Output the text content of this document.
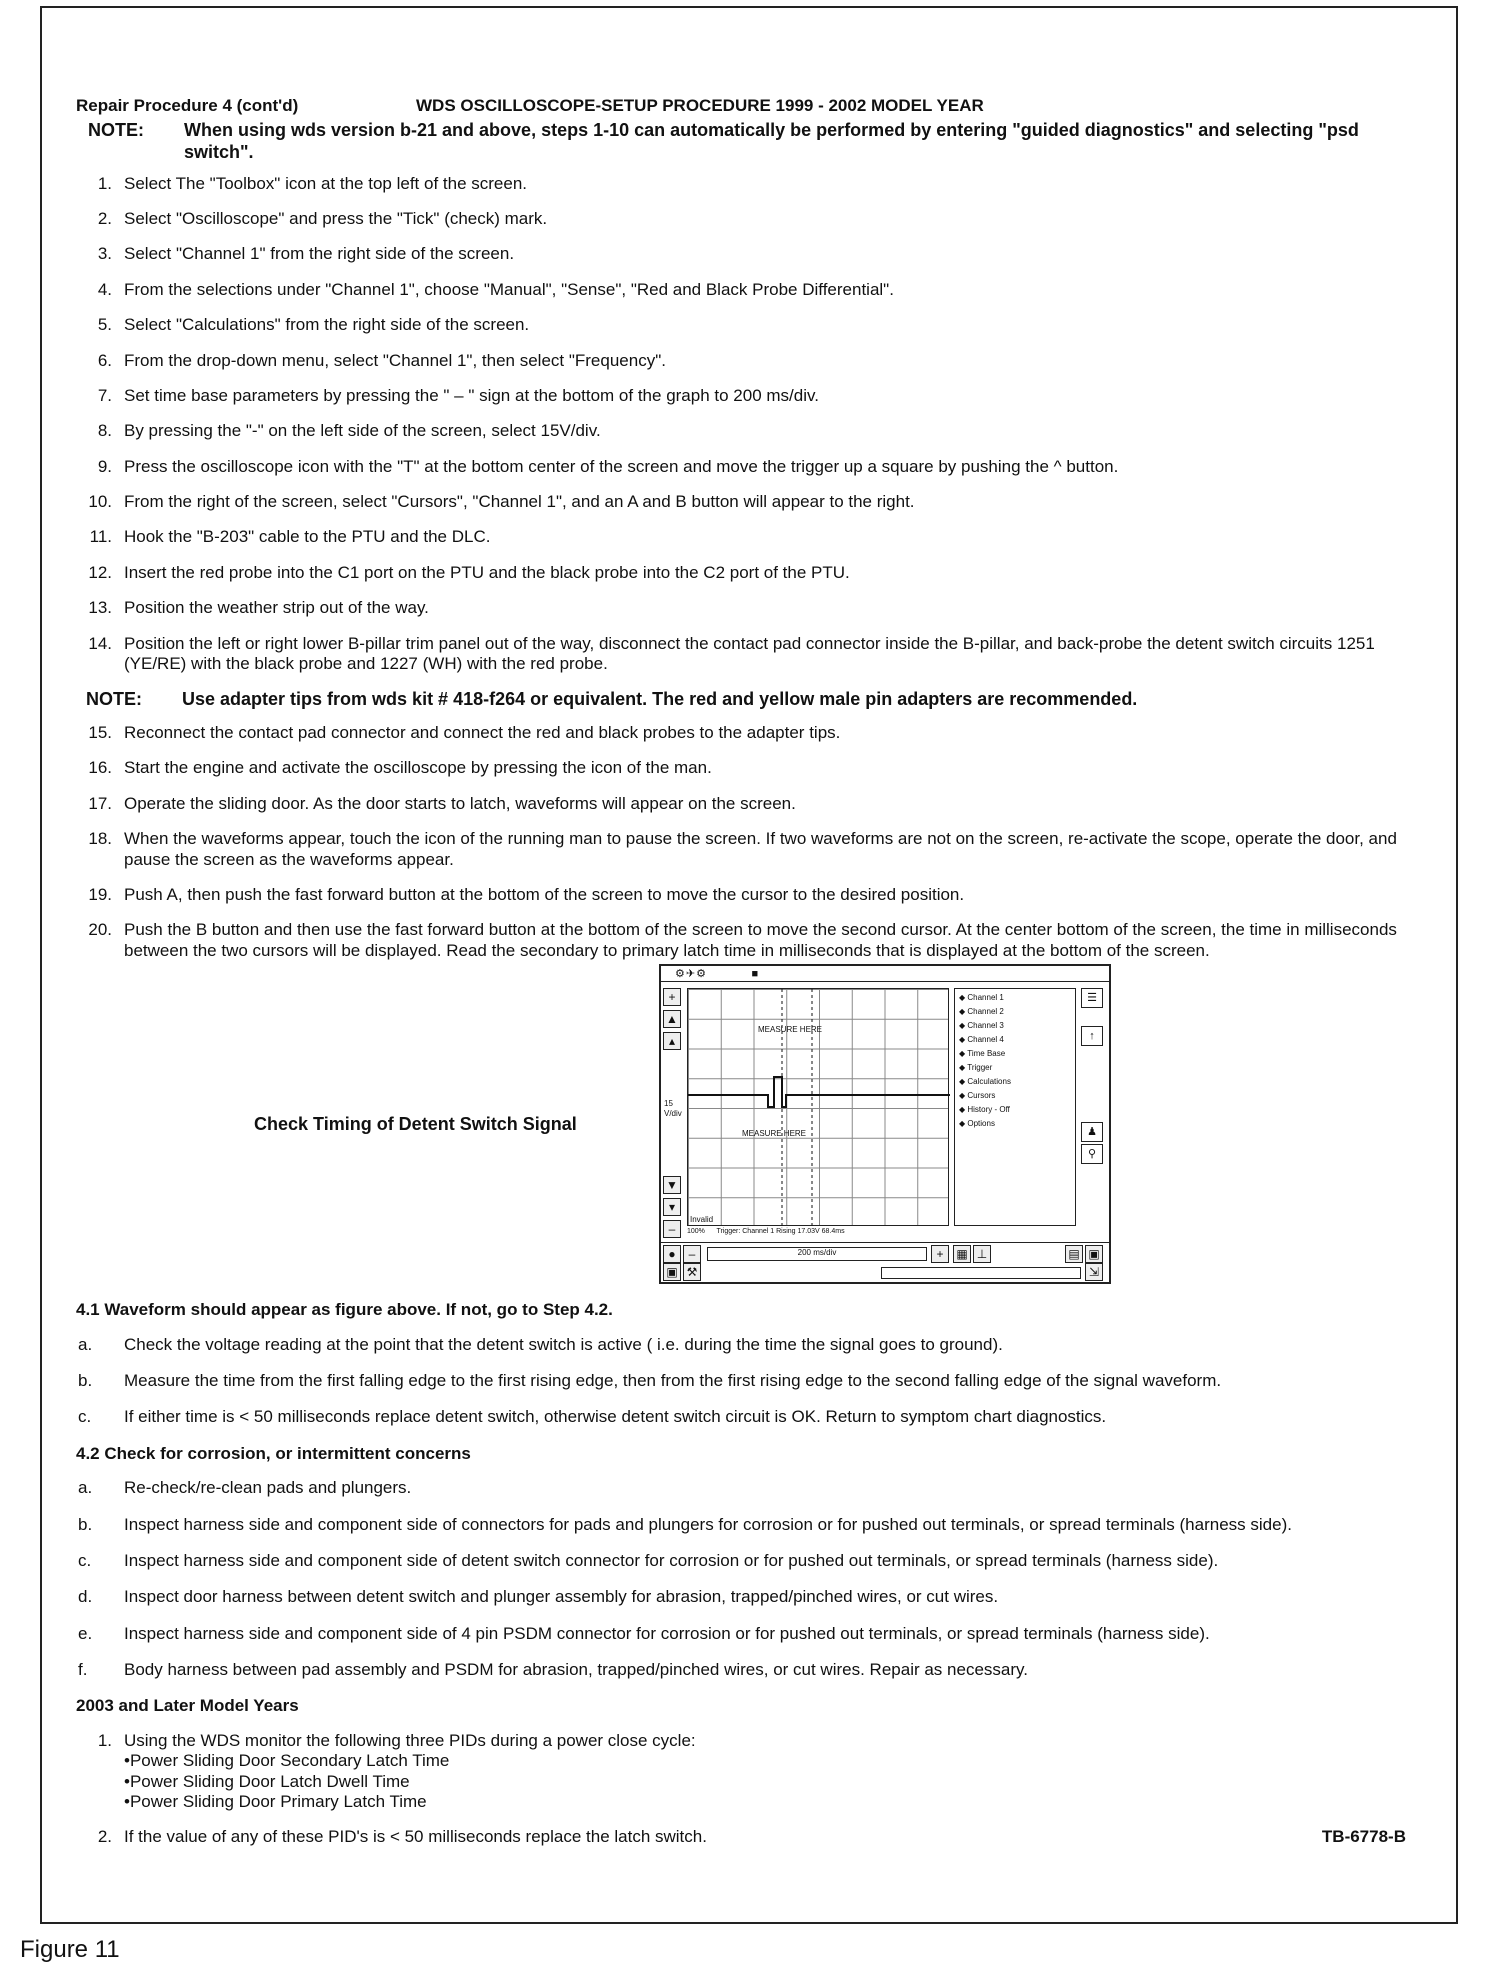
Repair Procedure 4 (cont'd)	WDS OSCILLOSCOPE-SETUP PROCEDURE 1999 - 2002 MODEL YEAR
NOTE:	When using wds version b-21 and above, steps 1-10 can automatically be performed by entering "guided diagnostics" and selecting "psd switch".
1. Select The "Toolbox" icon at the top left of the screen.
2. Select "Oscilloscope" and press the "Tick" (check) mark.
3. Select "Channel 1" from the right side of the screen.
4. From the selections under "Channel 1", choose "Manual", "Sense", "Red and Black Probe Differential".
5. Select "Calculations" from the right side of the screen.
6. From the drop-down menu, select "Channel 1", then select "Frequency".
7. Set time base parameters by pressing the " – " sign at the bottom of the graph to 200 ms/div.
8. By pressing the "-" on the left side of the screen, select 15V/div.
9. Press the oscilloscope icon with the "T" at the bottom center of the screen and move the trigger up a square by pushing the ^ button.
10. From the right of the screen, select "Cursors", "Channel 1", and an A and B button will appear to the right.
11. Hook the "B-203" cable to the PTU and the DLC.
12. Insert the red probe into the C1 port on the PTU and the black probe into the C2 port of the PTU.
13. Position the weather strip out of the way.
14. Position the left or right lower B-pillar trim panel out of the way, disconnect the contact pad connector inside the B-pillar, and back-probe the detent switch circuits 1251 (YE/RE) with the black probe and 1227 (WH) with the red probe.
NOTE:	Use adapter tips from wds kit # 418-f264 or equivalent. The red and yellow male pin adapters are recommended.
15. Reconnect the contact pad connector and connect the red and black probes to the adapter tips.
16. Start the engine and activate the oscilloscope by pressing the icon of the man.
17. Operate the sliding door. As the door starts to latch, waveforms will appear on the screen.
18. When the waveforms appear, touch the icon of the running man to pause the screen. If two waveforms are not on the screen, re-activate the scope, operate the door, and pause the screen as the waveforms appear.
19. Push A, then push the fast forward button at the bottom of the screen to move the cursor to the desired position.
20. Push the B button and then use the fast forward button at the bottom of the screen to move the second cursor. At the center bottom of the screen, the time in milliseconds between the two cursors will be displayed. Read the secondary to primary latch time in milliseconds that is displayed at the bottom of the screen.
Check Timing of Detent Switch Signal
⚙✈⚙           ■
+
▲
▴
▼
▾
–
MEASURE HERE
MEASURE HERE
15 V/div
Invalid
◆ Channel 1
◆ Channel 2
◆ Channel 3
◆ Channel 4
◆ Time Base
◆ Trigger
◆ Calculations
◆ Cursors
◆ History - Off
◆ Options
☰
↑
♟
⚲
100% Trigger: Channel 1 Rising 17.03V 68.4ms
●	–	200 ms/div	+	▦ ⊥	▤ ▣
▣ ⚒	⇲
4.1 Waveform should appear as figure above. If not, go to Step 4.2.
a.	Check the voltage reading at the point that the detent switch is active ( i.e. during the time the signal goes to ground).
b.	Measure the time from the first falling edge to the first rising edge, then from the first rising edge to the second falling edge of the signal waveform.
c.	If either time is < 50 milliseconds replace detent switch, otherwise detent switch circuit is OK. Return to symptom chart diagnostics.
4.2 Check for corrosion, or intermittent concerns
a.	Re-check/re-clean pads and plungers.
b.	Inspect harness side and component side of connectors for pads and plungers for corrosion or for pushed out terminals, or spread terminals (harness side).
c.	Inspect harness side and component side of detent switch connector for corrosion or for pushed out terminals, or spread terminals (harness side).
d.	Inspect door harness between detent switch and plunger assembly for abrasion, trapped/pinched wires, or cut wires.
e.	Inspect harness side and component side of 4 pin PSDM connector for corrosion or for pushed out terminals, or spread terminals (harness side).
f.	Body harness between pad assembly and PSDM for abrasion, trapped/pinched wires, or cut wires. Repair as necessary.
2003 and Later Model Years
1. Using the WDS monitor the following three PIDs during a power close cycle:
• Power Sliding Door Secondary Latch Time
• Power Sliding Door Latch Dwell Time
• Power Sliding Door Primary Latch Time
2. If the value of any of these PID's is < 50 milliseconds replace the latch switch.	TB-6778-B
Figure 11
